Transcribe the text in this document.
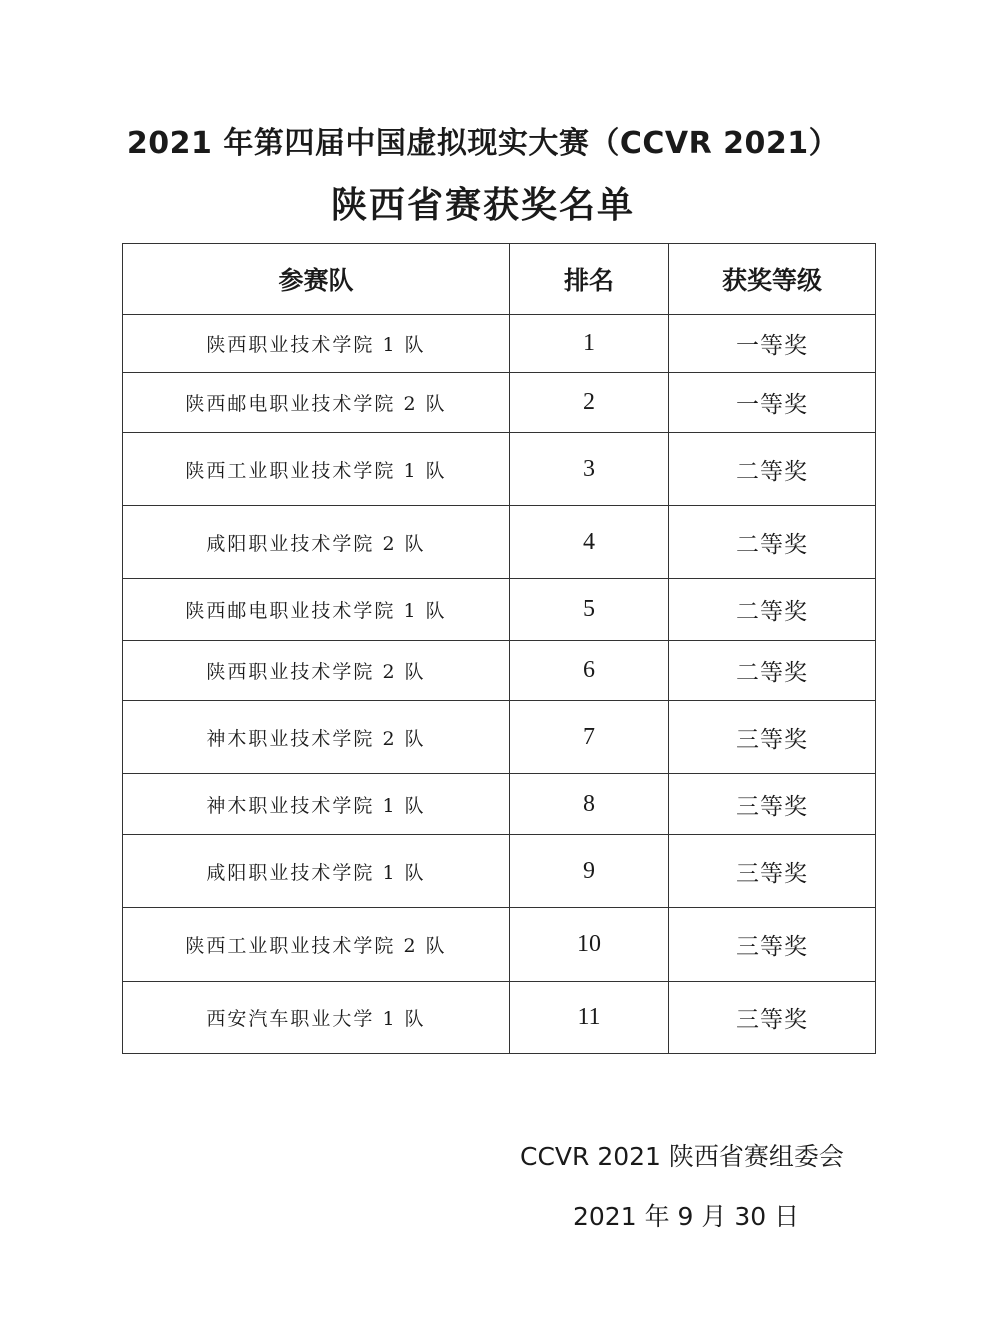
2021 年第四届中国虚拟现实大赛（CCVR 2021）
陕西省赛获奖名单
参赛队	排名	获奖等级
陕西职业技术学院 1 队	1	一等奖
陕西邮电职业技术学院 2 队	2	一等奖
陕西工业职业技术学院 1 队	3	二等奖
咸阳职业技术学院 2 队	4	二等奖
陕西邮电职业技术学院 1 队	5	二等奖
陕西职业技术学院 2 队	6	二等奖
神木职业技术学院 2 队	7	三等奖
神木职业技术学院 1 队	8	三等奖
咸阳职业技术学院 1 队	9	三等奖
陕西工业职业技术学院 2 队	10	三等奖
西安汽车职业大学 1 队	11	三等奖
CCVR 2021 陕西省赛组委会
2021 年 9 月 30 日
